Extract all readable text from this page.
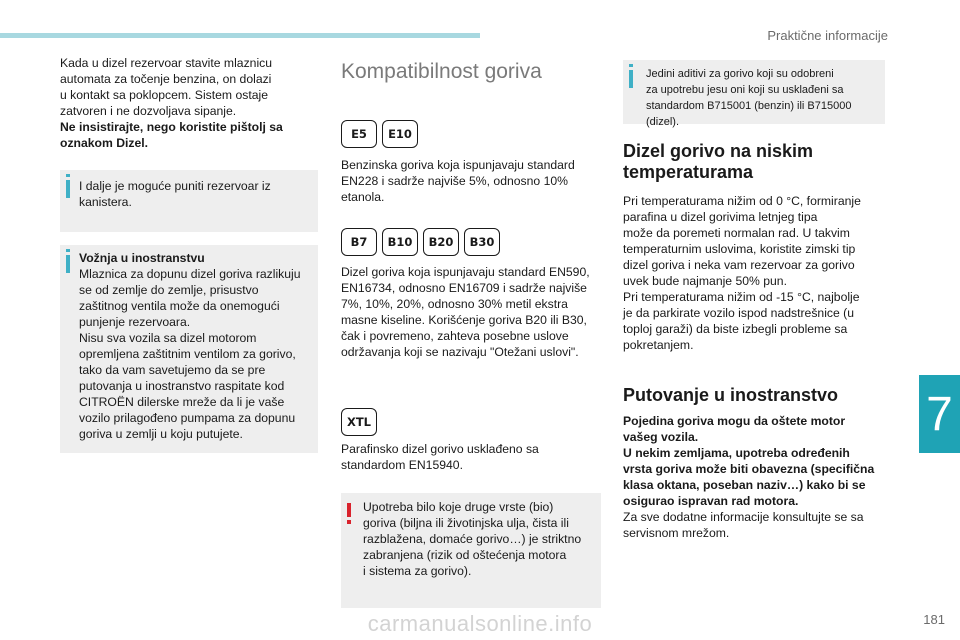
Praktične informacije
7

Kada u dizel rezervoar stavite mlaznicu
automata za točenje benzina, on dolazi
u kontakt sa poklopcem. Sistem ostaje
zatvoren i ne dozvoljava sipanje.

Ne insistirajte, nego koristite pištolj sa
oznakom Dizel.

I dalje je moguće puniti rezervoar iz
kanistera.

Vožnja u inostranstvu

Mlaznica za dopunu dizel goriva razlikuju
se od zemlje do zemlje, prisustvo
zaštitnog ventila može da onemogući
punjenje rezervoara.
Nisu sva vozila sa dizel motorom
opremljena zaštitnim ventilom za gorivo,
tako da vam savetujemo da se pre
putovanja u inostranstvo raspitate kod
CITROËN dilerske mreže da li je vaše
vozilo prilagođeno pumpama za dopunu
goriva u zemlji u koju putujete.

Kompatibilnost goriva
E5	E10

Benzinska goriva koja ispunjavaju standard
EN228 i sadrže najviše 5%, odnosno 10%
etanola.

B7	B10	B20	B30

Dizel goriva koja ispunjavaju standard EN590,
EN16734, odnosno EN16709 i sadrže najviše
7%, 10%, 20%, odnosno 30% metil ekstra
masne kiseline. Korišćenje goriva B20 ili B30,
čak i povremeno, zahteva posebne uslove
održavanja koji se nazivaju "Otežani uslovi".

XTL

Parafinsko dizel gorivo usklađeno sa
standardom EN15940.

Upotreba bilo koje druge vrste (bio)
goriva (biljna ili životinjska ulja, čista ili
razblažena, domaće gorivo…) je striktno
zabranjena (rizik od oštećenja motora
i sistema za gorivo).

Jedini aditivi za gorivo koji su odobreni
za upotrebu jesu oni koji su usklađeni sa
standardom B715001 (benzin) ili B715000 (dizel).

Dizel gorivo na niskim
temperaturama

Pri temperaturama nižim od 0 °C, formiranje
parafina u dizel gorivima letnjeg tipa
može da poremeti normalan rad. U takvim
temperaturnim uslovima, koristite zimski tip
dizel goriva i neka vam rezervoar za gorivo
uvek bude najmanje 50% pun.
Pri temperaturama nižim od -15 °C, najbolje
je da parkirate vozilo ispod nadstrešnice (u
toploj garaži) da biste izbegli probleme sa
pokretanjem.

Putovanje u inostranstvo

Pojedina goriva mogu da oštete motor
vašeg vozila.
U nekim zemljama, upotreba određenih
vrsta goriva može biti obavezna (specifična
klasa oktana, poseban naziv…) kako bi se
osigurao ispravan rad motora.

Za sve dodatne informacije konsultujte se sa
servisnom mrežom.

carmanualsonline.info	181
